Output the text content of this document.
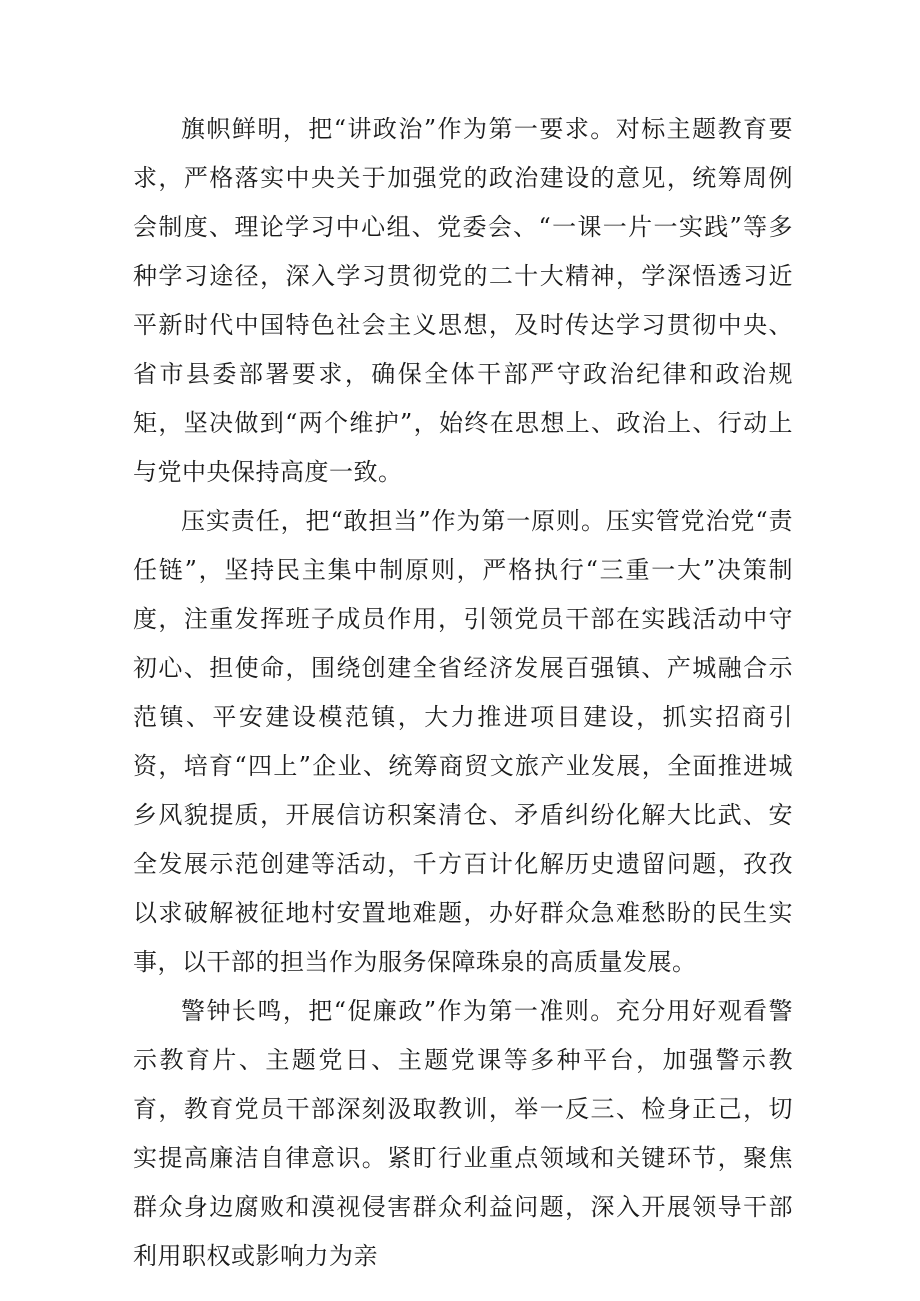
旗帜鲜明，把“讲政治”作为第一要求。对标主题教育要求，严格落实中央关于加强党的政治建设的意见，统筹周例会制度、理论学习中心组、党委会、“一课一片一实践”等多种学习途径，深入学习贯彻党的二十大精神，学深悟透习近平新时代中国特色社会主义思想，及时传达学习贯彻中央、省市县委部署要求，确保全体干部严守政治纪律和政治规矩，坚决做到“两个维护”，始终在思想上、政治上、行动上与党中央保持高度一致。

压实责任，把“敢担当”作为第一原则。压实管党治党“责任链”，坚持民主集中制原则，严格执行“三重一大”决策制度，注重发挥班子成员作用，引领党员干部在实践活动中守初心、担使命，围绕创建全省经济发展百强镇、产城融合示范镇、平安建设模范镇，大力推进项目建设，抓实招商引资，培育“四上”企业、统筹商贸文旅产业发展，全面推进城乡风貌提质，开展信访积案清仓、矛盾纠纷化解大比武、安全发展示范创建等活动，千方百计化解历史遗留问题，孜孜以求破解被征地村安置地难题，办好群众急难愁盼的民生实事，以干部的担当作为服务保障珠泉的高质量发展。

警钟长鸣，把“促廉政”作为第一准则。充分用好观看警示教育片、主题党日、主题党课等多种平台，加强警示教育，教育党员干部深刻汲取教训，举一反三、检身正己，切实提高廉洁自律意识。紧盯行业重点领域和关键环节，聚焦群众身边腐败和漠视侵害群众利益问题，深入开展领导干部利用职权或影响力为亲
